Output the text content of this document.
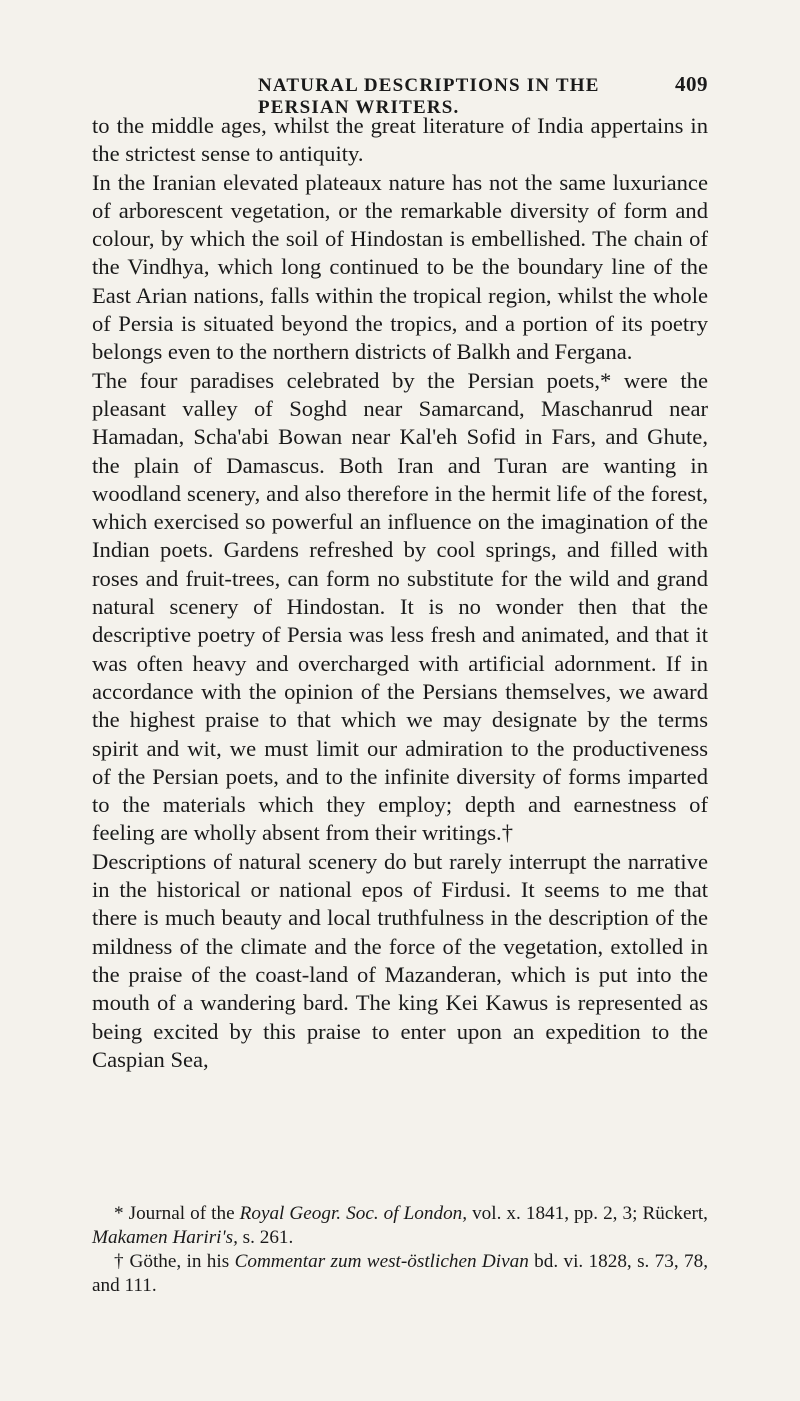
NATURAL DESCRIPTIONS IN THE PERSIAN WRITERS.
409

to the middle ages, whilst the great literature of India appertains in the strictest sense to antiquity.

In the Iranian elevated plateaux nature has not the same luxuriance of arborescent vegetation, or the remarkable diversity of form and colour, by which the soil of Hindostan is embellished. The chain of the Vindhya, which long continued to be the boundary line of the East Arian nations, falls within the tropical region, whilst the whole of Persia is situated beyond the tropics, and a portion of its poetry belongs even to the northern districts of Balkh and Fergana.

The four paradises celebrated by the Persian poets,* were the pleasant valley of Soghd near Samarcand, Maschanrud near Hamadan, Scha'abi Bowan near Kal'eh Sofid in Fars, and Ghute, the plain of Damascus. Both Iran and Turan are wanting in woodland scenery, and also therefore in the hermit life of the forest, which exercised so powerful an influence on the imagination of the Indian poets. Gardens refreshed by cool springs, and filled with roses and fruit-trees, can form no substitute for the wild and grand natural scenery of Hindostan. It is no wonder then that the descriptive poetry of Persia was less fresh and animated, and that it was often heavy and overcharged with artificial adornment. If in accordance with the opinion of the Persians themselves, we award the highest praise to that which we may designate by the terms spirit and wit, we must limit our admiration to the productiveness of the Persian poets, and to the infinite diversity of forms imparted to the materials which they employ; depth and earnestness of feeling are wholly absent from their writings.†

Descriptions of natural scenery do but rarely interrupt the narrative in the historical or national epos of Firdusi. It seems to me that there is much beauty and local truthfulness in the description of the mildness of the climate and the force of the vegetation, extolled in the praise of the coast-land of Mazanderan, which is put into the mouth of a wandering bard. The king Kei Kawus is represented as being excited by this praise to enter upon an expedition to the Caspian Sea,

* Journal of the Royal Geogr. Soc. of London, vol. x. 1841, pp. 2, 3; Rückert, Makamen Hariri's, s. 261.

† Göthe, in his Commentar zum west-östlichen Divan bd. vi. 1828, s. 73, 78, and 111.
